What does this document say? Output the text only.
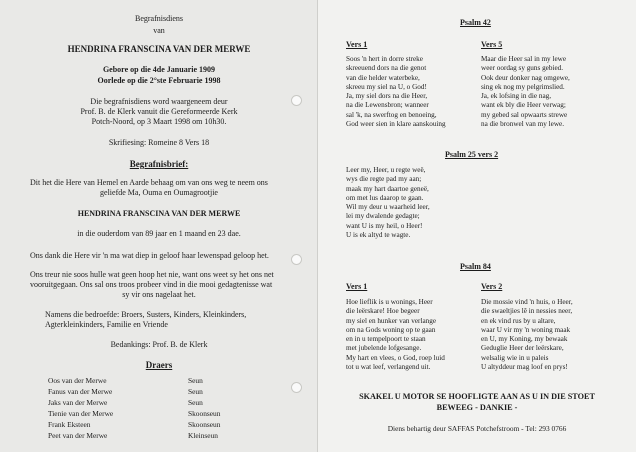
Begrafnisdiens
van
HENDRINA FRANSCINA VAN DER MERWE
Gebore op die 4de Januarie 1909
Oorlede op die 2°ste Februarie 1998
Die begrafnisdiens word waargeneem deur
Prof. B. de Klerk vanuit die Gereformeerde Kerk
Potch-Noord, op 3 Maart 1998 om 10h30.
Skrifiesing: Romeine 8 Vers 18
Begrafnisbrief:
Dit het die Here van Hemel en Aarde behaag om van ons weg te neem ons
geliefde Ma, Ouma en Oumagrootjie
HENDRINA FRANSCINA VAN DER MERWE
in die ouderdom van 89 jaar en 1 maand en 23 dae.
Ons dank die Here vir 'n ma wat diep in geloof haar lewenspad geloop het.
Ons treur nie soos hulle wat geen hoop het nie, want ons weet sy het ons net
vooruitgegaan. Ons sal ons troos probeer vind in die mooi gedagtenisse wat
sy vir ons nagelaat het.
Namens die bedroefde: Broers, Susters, Kinders, Kleinkinders,
Agterkleinkinders, Familie en Vriende
Bedankings: Prof. B. de Klerk
Draers
Oos van der Merwe	Seun
Fanus van der Merwe	Seun
Jaks van der Merwe	Seun
Tienie van der Merwe	Skoonseun
Frank Eksteen	Skoonseun
Peet van der Merwe	Kleinseun
Psalm 42
Vers 1	Vers 5
Soos 'n hert in dorre streke
skreeuend dors na die genot
van die helder waterbeke,
skreeu my siel na U, o God!
Ja, my siel dors na die Heer,
na die Lewensbron; wanneer
sal 'k, na swerftog en benoeing,
God weer sien in klare aanskouing
Maar die Heer sal in my lewe
weer oordag sy guns gebied.
Ook deur donker nag omgewe,
sing ek nog my pelgrimslied.
Ja, ek lofsing in die nag,
want ek bly die Heer verwag;
my gebed sal opwaarts strewe
na die bronwel van my lewe.
Psalm 25 vers 2
Leer my, Heer, u regte weë,
wys die regte pad my aan;
maak my hart daartoe geneë,
om met lus daarop te gaan.
Wil my deur u waarheid leer,
lei my dwalende gedagte;
want U is my heil, o Heer!
U is ek altyd te wagte.
Psalm 84
Vers 1	Vers 2
Hoe lieflik is u wonings, Heer
die leërskare! Hoe begeer
my siel en hunker van verlange
om na Gods woning op te gaan
en in u tempelpoort te staan
met jubelende lofgesange.
My hart en vlees, o God, roep luid
tot u wat leef, verlangend uit.
Die mossie vind 'n huis, o Heer,
die swaeltjies lê in nessies neer,
en ek vind rus by u altare,
waar U vir my 'n woning maak
en U, my Koning, my bewaak
Geduglie Heer der leërskare,
welsalig wie in u paleis
U altyddeur mag loof en prys!
SKAKEL U MOTOR SE HOOFLIGTE AAN AS U IN DIE STOET
BEWEEG - DANKIE -
Diens behartig deur SAFFAS Potchefstroom - Tel: 293 0766
